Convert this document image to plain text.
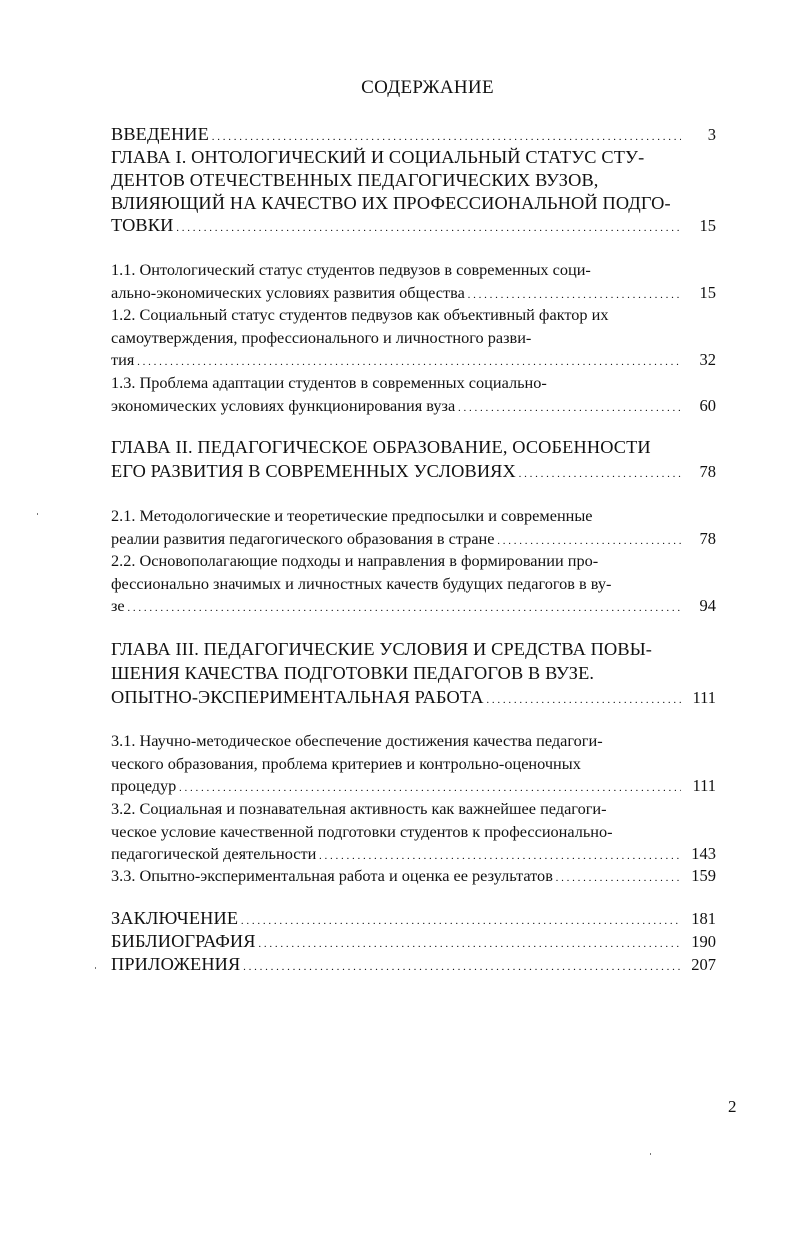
СОДЕРЖАНИЕ
ВВЕДЕНИЕ . . .	3
ГЛАВА I. ОНТОЛОГИЧЕСКИЙ И СОЦИАЛЬНЫЙ СТАТУС СТУ-
ДЕНТОВ ОТЕЧЕСТВЕННЫХ ПЕДАГОГИЧЕСКИХ ВУЗОВ,
ВЛИЯЮЩИЙ НА КАЧЕСТВО ИХ ПРОФЕССИОНАЛЬНОЙ ПОДГО-
ТОВКИ . . .	15
1.1. Онтологический статус студентов педвузов в современных соци-
ально-экономических условиях развития общества . . .	15
1.2. Социальный статус студентов педвузов как объективный фактор их
самоутверждения, профессионального и личностного разви-
тия . . .	32
1.3. Проблема адаптации студентов в современных социально-
экономических условиях функционирования вуза . . .	60
ГЛАВА II. ПЕДАГОГИЧЕСКОЕ ОБРАЗОВАНИЕ, ОСОБЕННОСТИ
ЕГО РАЗВИТИЯ В СОВРЕМЕННЫХ УСЛОВИЯХ . . .	78
2.1. Методологические и теоретические предпосылки и современные
реалии развития педагогического образования в стране . . .	78
2.2. Основополагающие подходы и направления в формировании про-
фессионально значимых и личностных качеств будущих педагогов в ву-
зе . . .	94
ГЛАВА III. ПЕДАГОГИЧЕСКИЕ УСЛОВИЯ И СРЕДСТВА ПОВЫ-
ШЕНИЯ КАЧЕСТВА ПОДГОТОВКИ ПЕДАГОГОВ В ВУЗЕ.
ОПЫТНО-ЭКСПЕРИМЕНТАЛЬНАЯ РАБОТА . . .	111
3.1. Научно-методическое обеспечение достижения качества педагоги-
ческого образования, проблема критериев и контрольно-оценочных
процедур . . .	111
3.2. Социальная и познавательная активность как важнейшее педагоги-
ческое условие качественной подготовки студентов к профессионально-
педагогической деятельности . . .	143
3.3. Опытно-экспериментальная работа и оценка ее результатов . . .	159
ЗАКЛЮЧЕНИЕ . . .	181
БИБЛИОГРАФИЯ . . .	190
ПРИЛОЖЕНИЯ . . .	207
2
